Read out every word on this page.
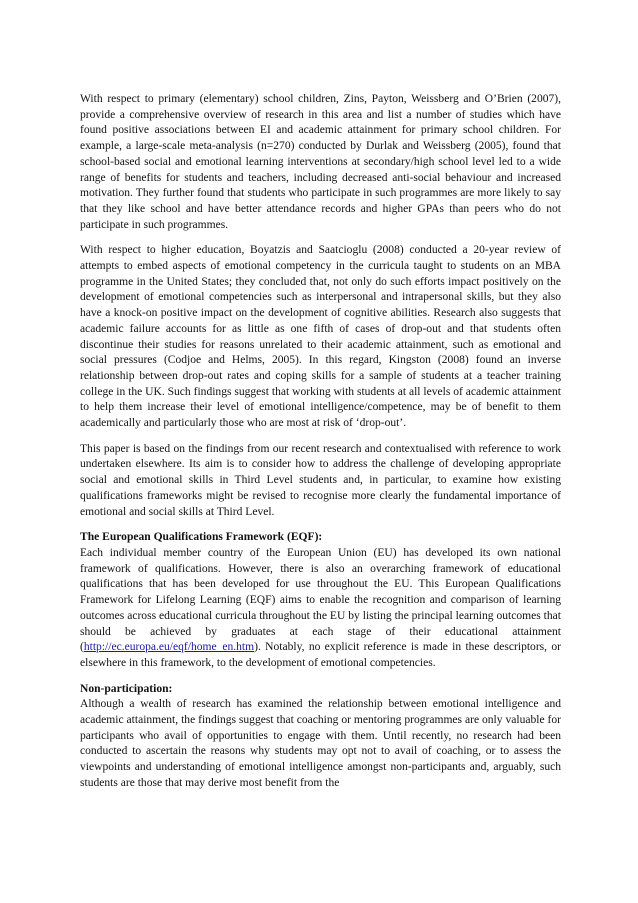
With respect to primary (elementary) school children, Zins, Payton, Weissberg and O’Brien (2007), provide a comprehensive overview of research in this area and list a number of studies which have found positive associations between EI and academic attainment for primary school children. For example, a large-scale meta-analysis (n=270) conducted by Durlak and Weissberg (2005), found that school-based social and emotional learning interventions at secondary/high school level led to a wide range of benefits for students and teachers, including decreased anti-social behaviour and increased motivation. They further found that students who participate in such programmes are more likely to say that they like school and have better attendance records and higher GPAs than peers who do not participate in such programmes.

With respect to higher education, Boyatzis and Saatcioglu (2008) conducted a 20-year review of attempts to embed aspects of emotional competency in the curricula taught to students on an MBA programme in the United States; they concluded that, not only do such efforts impact positively on the development of emotional competencies such as interpersonal and intrapersonal skills, but they also have a knock-on positive impact on the development of cognitive abilities. Research also suggests that academic failure accounts for as little as one fifth of cases of drop-out and that students often discontinue their studies for reasons unrelated to their academic attainment, such as emotional and social pressures (Codjoe and Helms, 2005). In this regard, Kingston (2008) found an inverse relationship between drop-out rates and coping skills for a sample of students at a teacher training college in the UK. Such findings suggest that working with students at all levels of academic attainment to help them increase their level of emotional intelligence/competence, may be of benefit to them academically and particularly those who are most at risk of ‘drop-out’.

This paper is based on the findings from our recent research and contextualised with reference to work undertaken elsewhere. Its aim is to consider how to address the challenge of developing appropriate social and emotional skills in Third Level students and, in particular, to examine how existing qualifications frameworks might be revised to recognise more clearly the fundamental importance of emotional and social skills at Third Level.

The European Qualifications Framework (EQF):

Each individual member country of the European Union (EU) has developed its own national framework of qualifications. However, there is also an overarching framework of educational qualifications that has been developed for use throughout the EU. This European Qualifications Framework for Lifelong Learning (EQF) aims to enable the recognition and comparison of learning outcomes across educational curricula throughout the EU by listing the principal learning outcomes that should be achieved by graduates at each stage of their educational attainment (http://ec.europa.eu/eqf/home_en.htm). Notably, no explicit reference is made in these descriptors, or elsewhere in this framework, to the development of emotional competencies.

Non-participation:

Although a wealth of research has examined the relationship between emotional intelligence and academic attainment, the findings suggest that coaching or mentoring programmes are only valuable for participants who avail of opportunities to engage with them. Until recently, no research had been conducted to ascertain the reasons why students may opt not to avail of coaching, or to assess the viewpoints and understanding of emotional intelligence amongst non-participants and, arguably, such students are those that may derive most benefit from the
